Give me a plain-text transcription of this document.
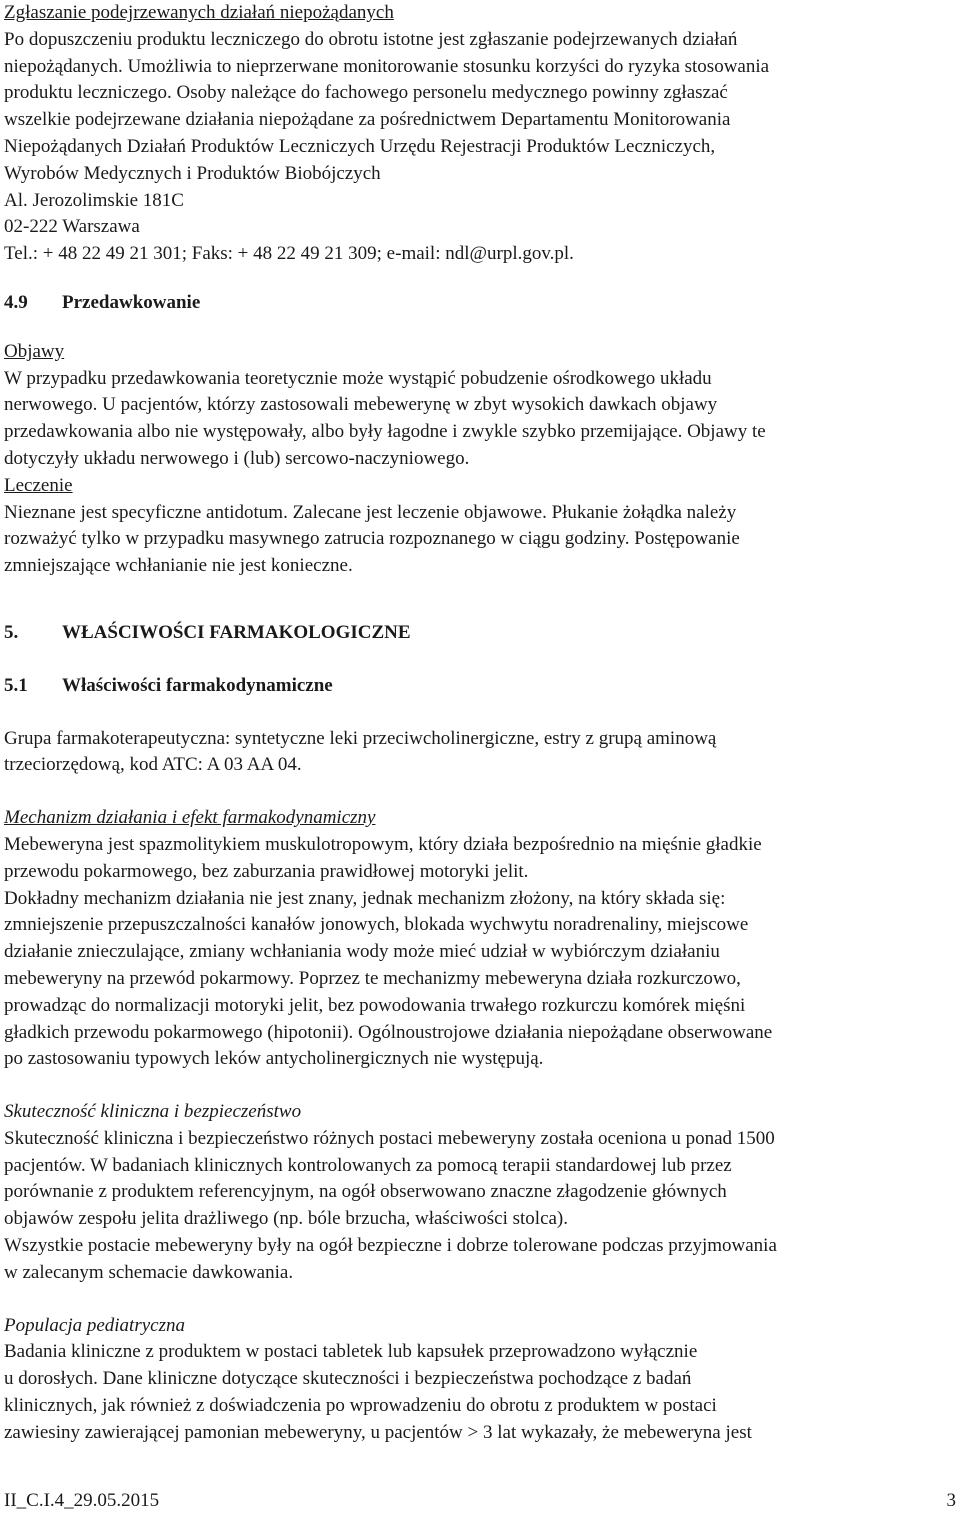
Zgłaszanie podejrzewanych działań niepożądanych
Po dopuszczeniu produktu leczniczego do obrotu istotne jest zgłaszanie podejrzewanych działań
niepożądanych. Umożliwia to nieprzerwane monitorowanie stosunku korzyści do ryzyka stosowania
produktu leczniczego. Osoby należące do fachowego personelu medycznego powinny zgłaszać
wszelkie podejrzewane działania niepożądane za pośrednictwem Departamentu Monitorowania
Niepożądanych Działań Produktów Leczniczych Urzędu Rejestracji Produktów Leczniczych,
Wyrobów Medycznych i Produktów Biobójczych
Al. Jerozolimskie 181C
02-222 Warszawa
Tel.: + 48 22 49 21 301; Faks: + 48 22 49 21 309; e-mail: ndl@urpl.gov.pl.
4.9 Przedawkowanie
Objawy
W przypadku przedawkowania teoretycznie może wystąpić pobudzenie ośrodkowego układu
nerwowego. U pacjentów, którzy zastosowali mebewerynę w zbyt wysokich dawkach objawy
przedawkowania albo nie występowały, albo były łagodne i zwykle szybko przemijające. Objawy te
dotyczyły układu nerwowego i (lub) sercowo-naczyniowego.
Leczenie
Nieznane jest specyficzne antidotum. Zalecane jest leczenie objawowe. Płukanie żołądka należy
rozważyć tylko w przypadku masywnego zatrucia rozpoznanego w ciągu godziny. Postępowanie
zmniejszające wchłanianie nie jest konieczne.
5. WŁAŚCIWOŚCI FARMAKOLOGICZNE
5.1 Właściwości farmakodynamiczne
Grupa farmakoterapeutyczna: syntetyczne leki przeciwcholinergiczne, estry z grupą aminową
trzeciorzędową, kod ATC: A 03 AA 04.
Mechanizm działania i efekt farmakodynamiczny
Mebeweryna jest spazmolitykiem muskulotropowym, który działa bezpośrednio na mięśnie gładkie
przewodu pokarmowego, bez zaburzania prawidłowej motoryki jelit.
Dokładny mechanizm działania nie jest znany, jednak mechanizm złożony, na który składa się:
zmniejszenie przepuszczalności kanałów jonowych, blokada wychwytu noradrenaliny, miejscowe
działanie znieczulające, zmiany wchłaniania wody może mieć udział w wybiórczym działaniu
mebeweryny na przewód pokarmowy. Poprzez te mechanizmy mebeweryna działa rozkurczowo,
prowadząc do normalizacji motoryki jelit, bez powodowania trwałego rozkurczu komórek mięśni
gładkich przewodu pokarmowego (hipotonii). Ogólnoustrojowe działania niepożądane obserwowane
po zastosowaniu typowych leków antycholinergicznych nie występują.
Skuteczność kliniczna i bezpieczeństwo
Skuteczność kliniczna i bezpieczeństwo różnych postaci mebeweryny została oceniona u ponad 1500
pacjentów. W badaniach klinicznych kontrolowanych za pomocą terapii standardowej lub przez
porównanie z produktem referencyjnym, na ogół obserwowano znaczne złagodzenie głównych
objawów zespołu jelita drażliwego (np. bóle brzucha, właściwości stolca).
Wszystkie postacie mebeweryny były na ogół bezpieczne i dobrze tolerowane podczas przyjmowania
w zalecanym schemacie dawkowania.
Populacja pediatryczna
Badania kliniczne z produktem w postaci tabletek lub kapsułek przeprowadzono wyłącznie
u dorosłych. Dane kliniczne dotyczące skuteczności i bezpieczeństwa pochodzące z badań
klinicznych, jak również z doświadczenia po wprowadzeniu do obrotu z produktem w postaci
zawiesiny zawierającej pamonian mebeweryny, u pacjentów > 3 lat wykazały, że mebeweryna jest
II_C.I.4_29.05.2015	3
